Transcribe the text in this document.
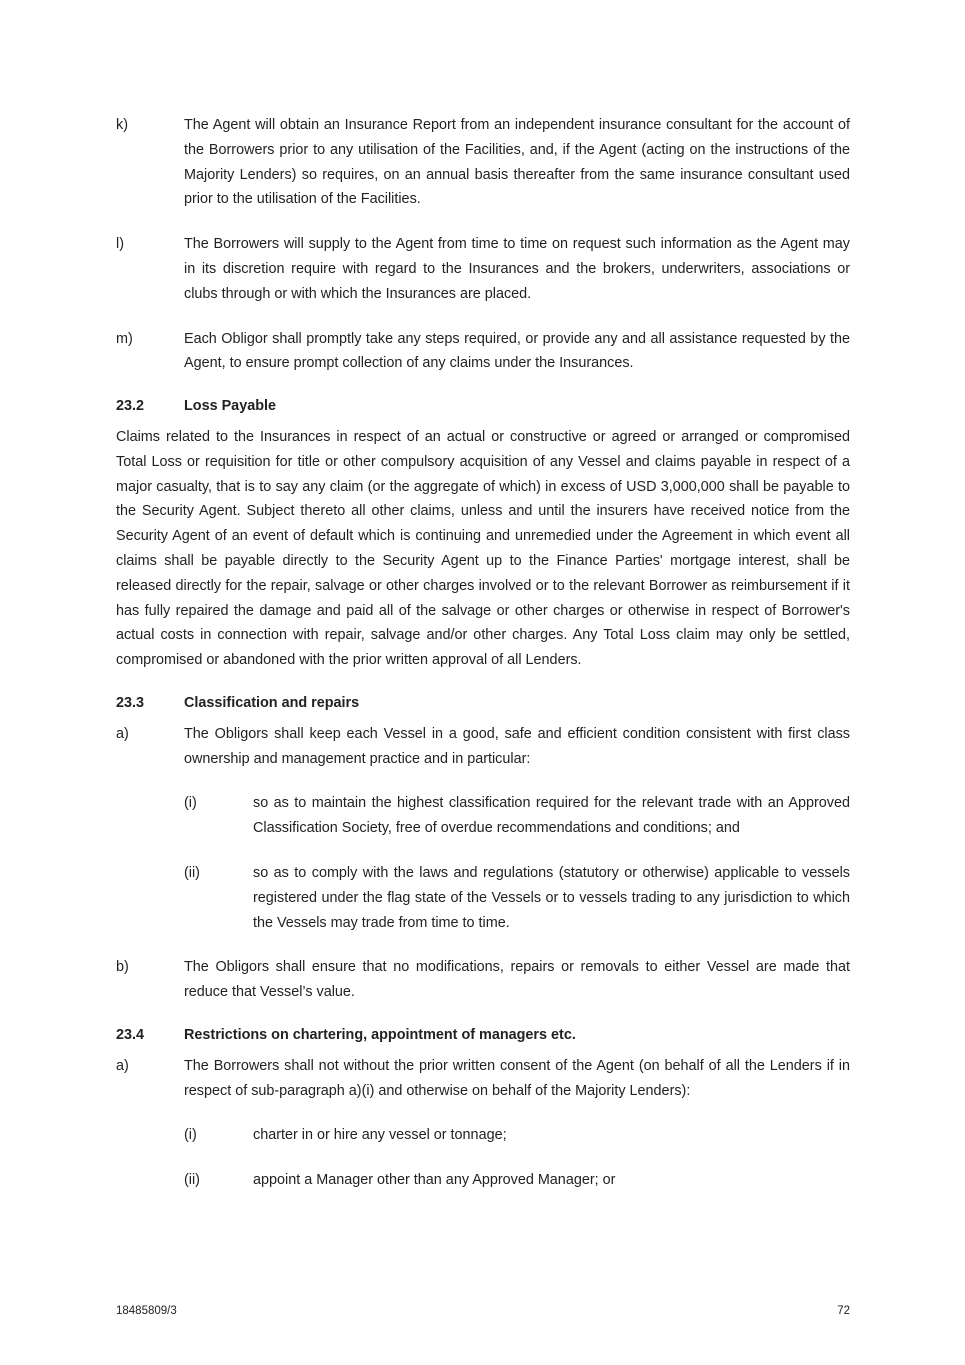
k)	The Agent will obtain an Insurance Report from an independent insurance consultant for the account of the Borrowers prior to any utilisation of the Facilities, and, if the Agent (acting on the instructions of the Majority Lenders) so requires, on an annual basis thereafter from the same insurance consultant used prior to the utilisation of the Facilities.
l)	The Borrowers will supply to the Agent from time to time on request such information as the Agent may in its discretion require with regard to the Insurances and the brokers, underwriters, associations or clubs through or with which the Insurances are placed.
m)	Each Obligor shall promptly take any steps required, or provide any and all assistance requested by the Agent, to ensure prompt collection of any claims under the Insurances.
23.2	Loss Payable
Claims related to the Insurances in respect of an actual or constructive or agreed or arranged or compromised Total Loss or requisition for title or other compulsory acquisition of any Vessel and claims payable in respect of a major casualty, that is to say any claim (or the aggregate of which) in excess of USD 3,000,000 shall be payable to the Security Agent. Subject thereto all other claims, unless and until the insurers have received notice from the Security Agent of an event of default which is continuing and unremedied under the Agreement in which event all claims shall be payable directly to the Security Agent up to the Finance Parties' mortgage interest, shall be released directly for the repair, salvage or other charges involved or to the relevant Borrower as reimbursement if it has fully repaired the damage and paid all of the salvage or other charges or otherwise in respect of Borrower's actual costs in connection with repair, salvage and/or other charges. Any Total Loss claim may only be settled, compromised or abandoned with the prior written approval of all Lenders.
23.3	Classification and repairs
a)	The Obligors shall keep each Vessel in a good, safe and efficient condition consistent with first class ownership and management practice and in particular:
(i)	so as to maintain the highest classification required for the relevant trade with an Approved Classification Society, free of overdue recommendations and conditions; and
(ii)	so as to comply with the laws and regulations (statutory or otherwise) applicable to vessels registered under the flag state of the Vessels or to vessels trading to any jurisdiction to which the Vessels may trade from time to time.
b)	The Obligors shall ensure that no modifications, repairs or removals to either Vessel are made that reduce that Vessel’s value.
23.4	Restrictions on chartering, appointment of managers etc.
a)	The Borrowers shall not without the prior written consent of the Agent (on behalf of all the Lenders if in respect of sub-paragraph a)(i) and otherwise on behalf of the Majority Lenders):
(i)	charter in or hire any vessel or tonnage;
(ii)	appoint a Manager other than any Approved Manager; or
18485809/3	72
